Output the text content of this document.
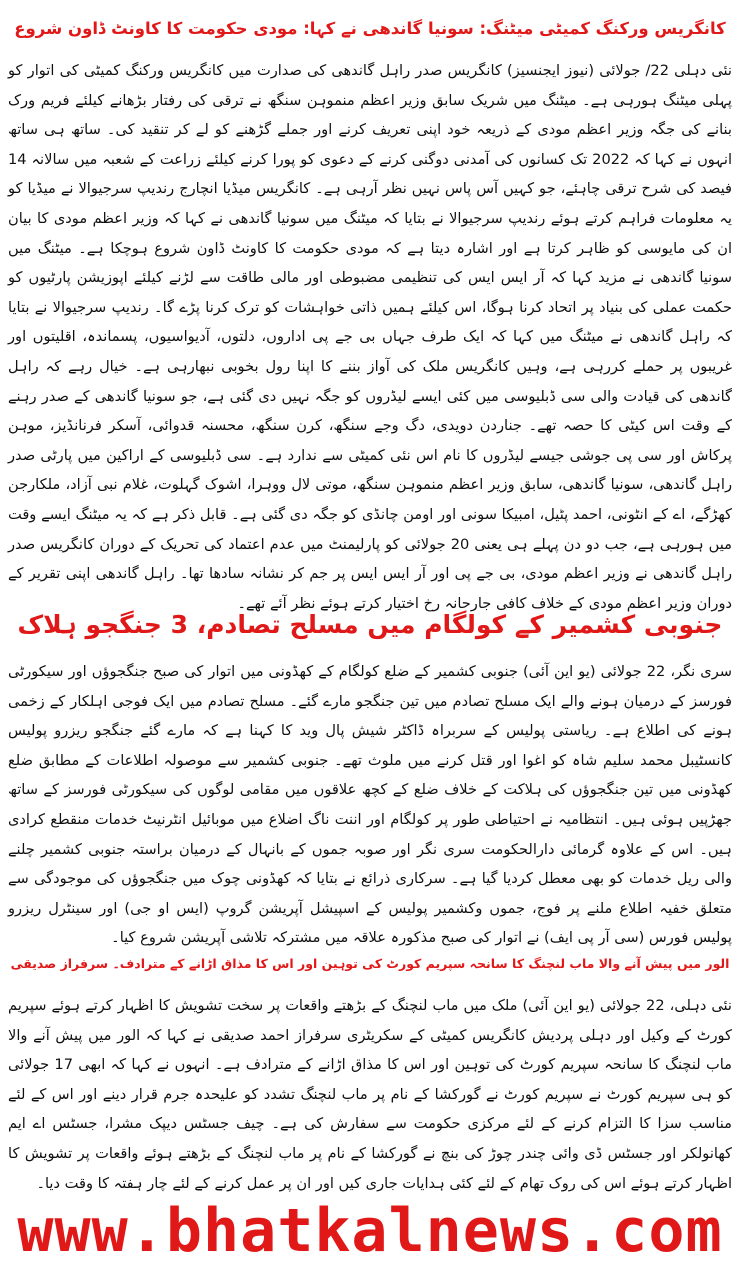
کانگریس ورکنگ کمیٹی میٹنگ: سونیا گاندھی نے کہا: مودی حکومت کا کاونٹ ڈاون شروع

نئی دہلی 22/ جولائی (نیوز ایجنسیز) کانگریس صدر راہل گاندھی کی صدارت میں کانگریس ورکنگ کمیٹی کی اتوار کو پہلی میٹنگ ہورہی ہے۔ میٹنگ میں شریک سابق وزیر اعظم منموہن سنگھ نے ترقی کی رفتار بڑھانے کیلئے فریم ورک بنانے کی جگہ وزیر اعظم مودی کے ذریعہ خود اپنی تعریف کرنے اور جملے گڑھنے کو لے کر تنقید کی۔ ساتھ ہی ساتھ انہوں نے کہا کہ 2022 تک کسانوں کی آمدنی دوگنی کرنے کے دعوی کو پورا کرنے کیلئے زراعت کے شعبہ میں سالانہ 14 فیصد کی شرح ترقی چاہئے، جو کہیں آس پاس نہیں نظر آرہی ہے۔ کانگریس میڈیا انچارج رندیپ سرجیوالا نے میڈیا کو یہ معلومات فراہم کرتے ہوئے رندیپ سرجیوالا نے بتایا کہ میٹنگ میں سونیا گاندھی نے کہا کہ وزیر اعظم مودی کا بیان ان کی مایوسی کو ظاہر کرتا ہے اور اشارہ دیتا ہے کہ مودی حکومت کا کاونٹ ڈاون شروع ہوچکا ہے۔ میٹنگ میں سونیا گاندھی نے مزید کہا کہ آر ایس ایس کی تنظیمی مضبوطی اور مالی طاقت سے لڑنے کیلئے اپوزیشن پارٹیوں کو حکمت عملی کی بنیاد پر اتحاد کرنا ہوگا، اس کیلئے ہمیں ذاتی خواہشات کو ترک کرنا پڑے گا۔ رندیپ سرجیوالا نے بتایا کہ راہل گاندھی نے میٹنگ میں کہا کہ ایک طرف جہاں بی جے پی اداروں، دلتوں، آدیواسیوں، پسماندہ، اقلیتوں اور غریبوں پر حملے کررہی ہے، وہیں کانگریس ملک کی آواز بننے کا اپنا رول بخوبی نبھارہی ہے۔ خیال رہے کہ راہل گاندھی کی قیادت والی سی ڈبلیوسی میں کئی ایسے لیڈروں کو جگہ نہیں دی گئی ہے، جو سونیا گاندھی کے صدر رہنے کے وقت اس کیٹی کا حصہ تھے۔ جناردن دویدی، دگ وجے سنگھ، کرن سنگھ، محسنہ قدوائی، آسکر فرنانڈیز، موہن پرکاش اور سی پی جوشی جیسے لیڈروں کا نام اس نئی کمیٹی سے ندارد ہے۔ سی ڈبلیوسی کے اراکین میں پارٹی صدر راہل گاندھی، سونیا گاندھی، سابق وزیر اعظم منموہن سنگھ، موتی لال ووہرا، اشوک گہلوت، غلام نبی آزاد، ملکارجن کھڑگے، اے کے انٹونی، احمد پٹیل، امبیکا سونی اور اومن چانڈی کو جگہ دی گئی ہے۔ قابل ذکر ہے کہ یہ میٹنگ ایسے وقت میں ہورہی ہے، جب دو دن پہلے ہی یعنی 20 جولائی کو پارلیمنٹ میں عدم اعتماد کی تحریک کے دوران کانگریس صدر راہل گاندھی نے وزیر اعظم مودی، بی جے پی اور آر ایس ایس پر جم کر نشانہ سادھا تھا۔ راہل گاندھی اپنی تقریر کے دوران وزیر اعظم مودی کے خلاف کافی جارحانہ رخ اختیار کرتے ہوئے نظر آئے تھے۔

جنوبی کشمیر کے کولگام میں مسلح تصادم، 3 جنگجو ہلاک

سری نگر، 22 جولائی (یو این آئی) جنوبی کشمیر کے ضلع کولگام کے کھڈونی میں اتوار کی صبح جنگجوؤں اور سیکورٹی فورسز کے درمیان ہونے والے ایک مسلح تصادم میں تین جنگجو مارے گئے۔ مسلح تصادم میں ایک فوجی اہلکار کے زخمی ہونے کی اطلاع ہے۔ ریاستی پولیس کے سربراہ ڈاکٹر شیش پال وید کا کہنا ہے کہ مارے گئے جنگجو ریزرو پولیس کانسٹیبل محمد سلیم شاہ کو اغوا اور قتل کرنے میں ملوث تھے۔ جنوبی کشمیر سے موصولہ اطلاعات کے مطابق ضلع کھڈونی میں تین جنگجوؤں کی ہلاکت کے خلاف ضلع کے کچھ علاقوں میں مقامی لوگوں کی سیکورٹی فورسز کے ساتھ جھڑپیں ہوئی ہیں۔ انتظامیہ نے احتیاطی طور پر کولگام اور اننت ناگ اضلاع میں موبائیل انٹرنیٹ خدمات منقطع کرادی ہیں۔ اس کے علاوہ گرمائی دارالحکومت سری نگر اور صوبہ جموں کے بانہال کے درمیان براستہ جنوبی کشمیر چلنے والی ریل خدمات کو بھی معطل کردیا گیا ہے۔ سرکاری ذرائع نے بتایا کہ کھڈونی چوک میں جنگجوؤں کی موجودگی سے متعلق خفیہ اطلاع ملنے پر فوج، جموں وکشمیر پولیس کے اسپیشل آپریشن گروپ (ایس او جی) اور سینٹرل ریزرو پولیس فورس (سی آر پی ایف) نے اتوار کی صبح مذکورہ علاقہ میں مشترکہ تلاشی آپریشن شروع کیا۔

الور میں پیش آنے والا ماب لنچنگ کا سانحہ سپریم کورٹ کی توہین اور اس کا مذاق اڑانے کے مترادف۔ سرفراز صدیقی

نئی دہلی، 22 جولائی (یو این آئی) ملک میں ماب لنچنگ کے بڑھتے واقعات پر سخت تشویش کا اظہار کرتے ہوئے سپریم کورٹ کے وکیل اور دہلی پردیش کانگریس کمیٹی کے سکریٹری سرفراز احمد صدیقی نے کہا کہ الور میں پیش آنے والا ماب لنچنگ کا سانحہ سپریم کورٹ کی توہین اور اس کا مذاق اڑانے کے مترادف ہے۔ انہوں نے کہا کہ ابھی 17 جولائی کو ہی سپریم کورٹ نے سپریم کورٹ نے گورکشا کے نام پر ماب لنچنگ تشدد کو علیحدہ جرم قرار دینے اور اس کے لئے مناسب سزا کا التزام کرنے کے لئے مرکزی حکومت سے سفارش کی ہے۔ چیف جسٹس دیپک مشرا، جسٹس اے ایم کھانولکر اور جسٹس ڈی وائی چندر چوڑ کی بنچ نے گورکشا کے نام پر ماب لنچنگ کے بڑھتے ہوئے واقعات پر تشویش کا اظہار کرتے ہوئے اس کی روک تھام کے لئے کئی ہدایات جاری کیں اور ان پر عمل کرنے کے لئے چار ہفتہ کا وقت دیا۔

www.bhatkalnews.com
